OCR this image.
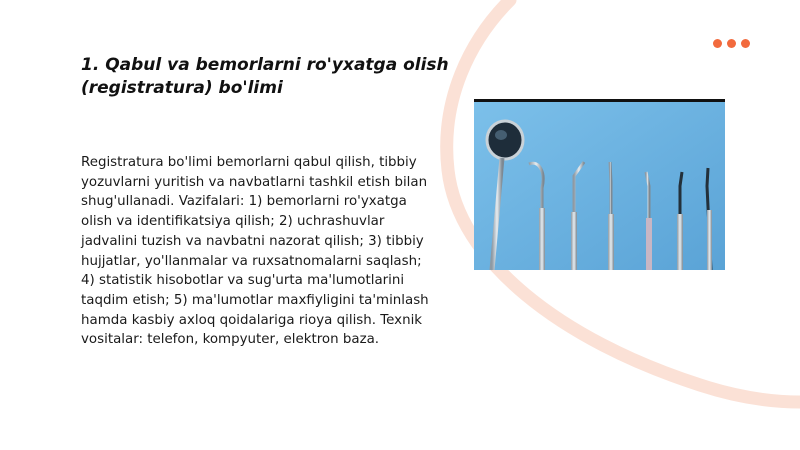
1. Qabul va bemorlarni ro'yxatga olish (registratura) bo'limi

Registratura bo'limi bemorlarni qabul qilish, tibbiy yozuvlarni yuritish va navbatlarni tashkil etish bilan shug'ullanadi. Vazifalari: 1) bemorlarni ro'yxatga olish va identifikatsiya qilish; 2) uchrashuvlar jadvalini tuzish va navbatni nazorat qilish; 3) tibbiy hujjatlar, yo'llanmalar va ruxsatnomalarni saqlash; 4) statistik hisobotlar va sug'urta ma'lumotlarini taqdim etish; 5) ma'lumotlar maxfiyligini ta'minlash hamda kasbiy axloq qoidalariga rioya qilish. Texnik vositalar: telefon, kompyuter, elektron baza.
